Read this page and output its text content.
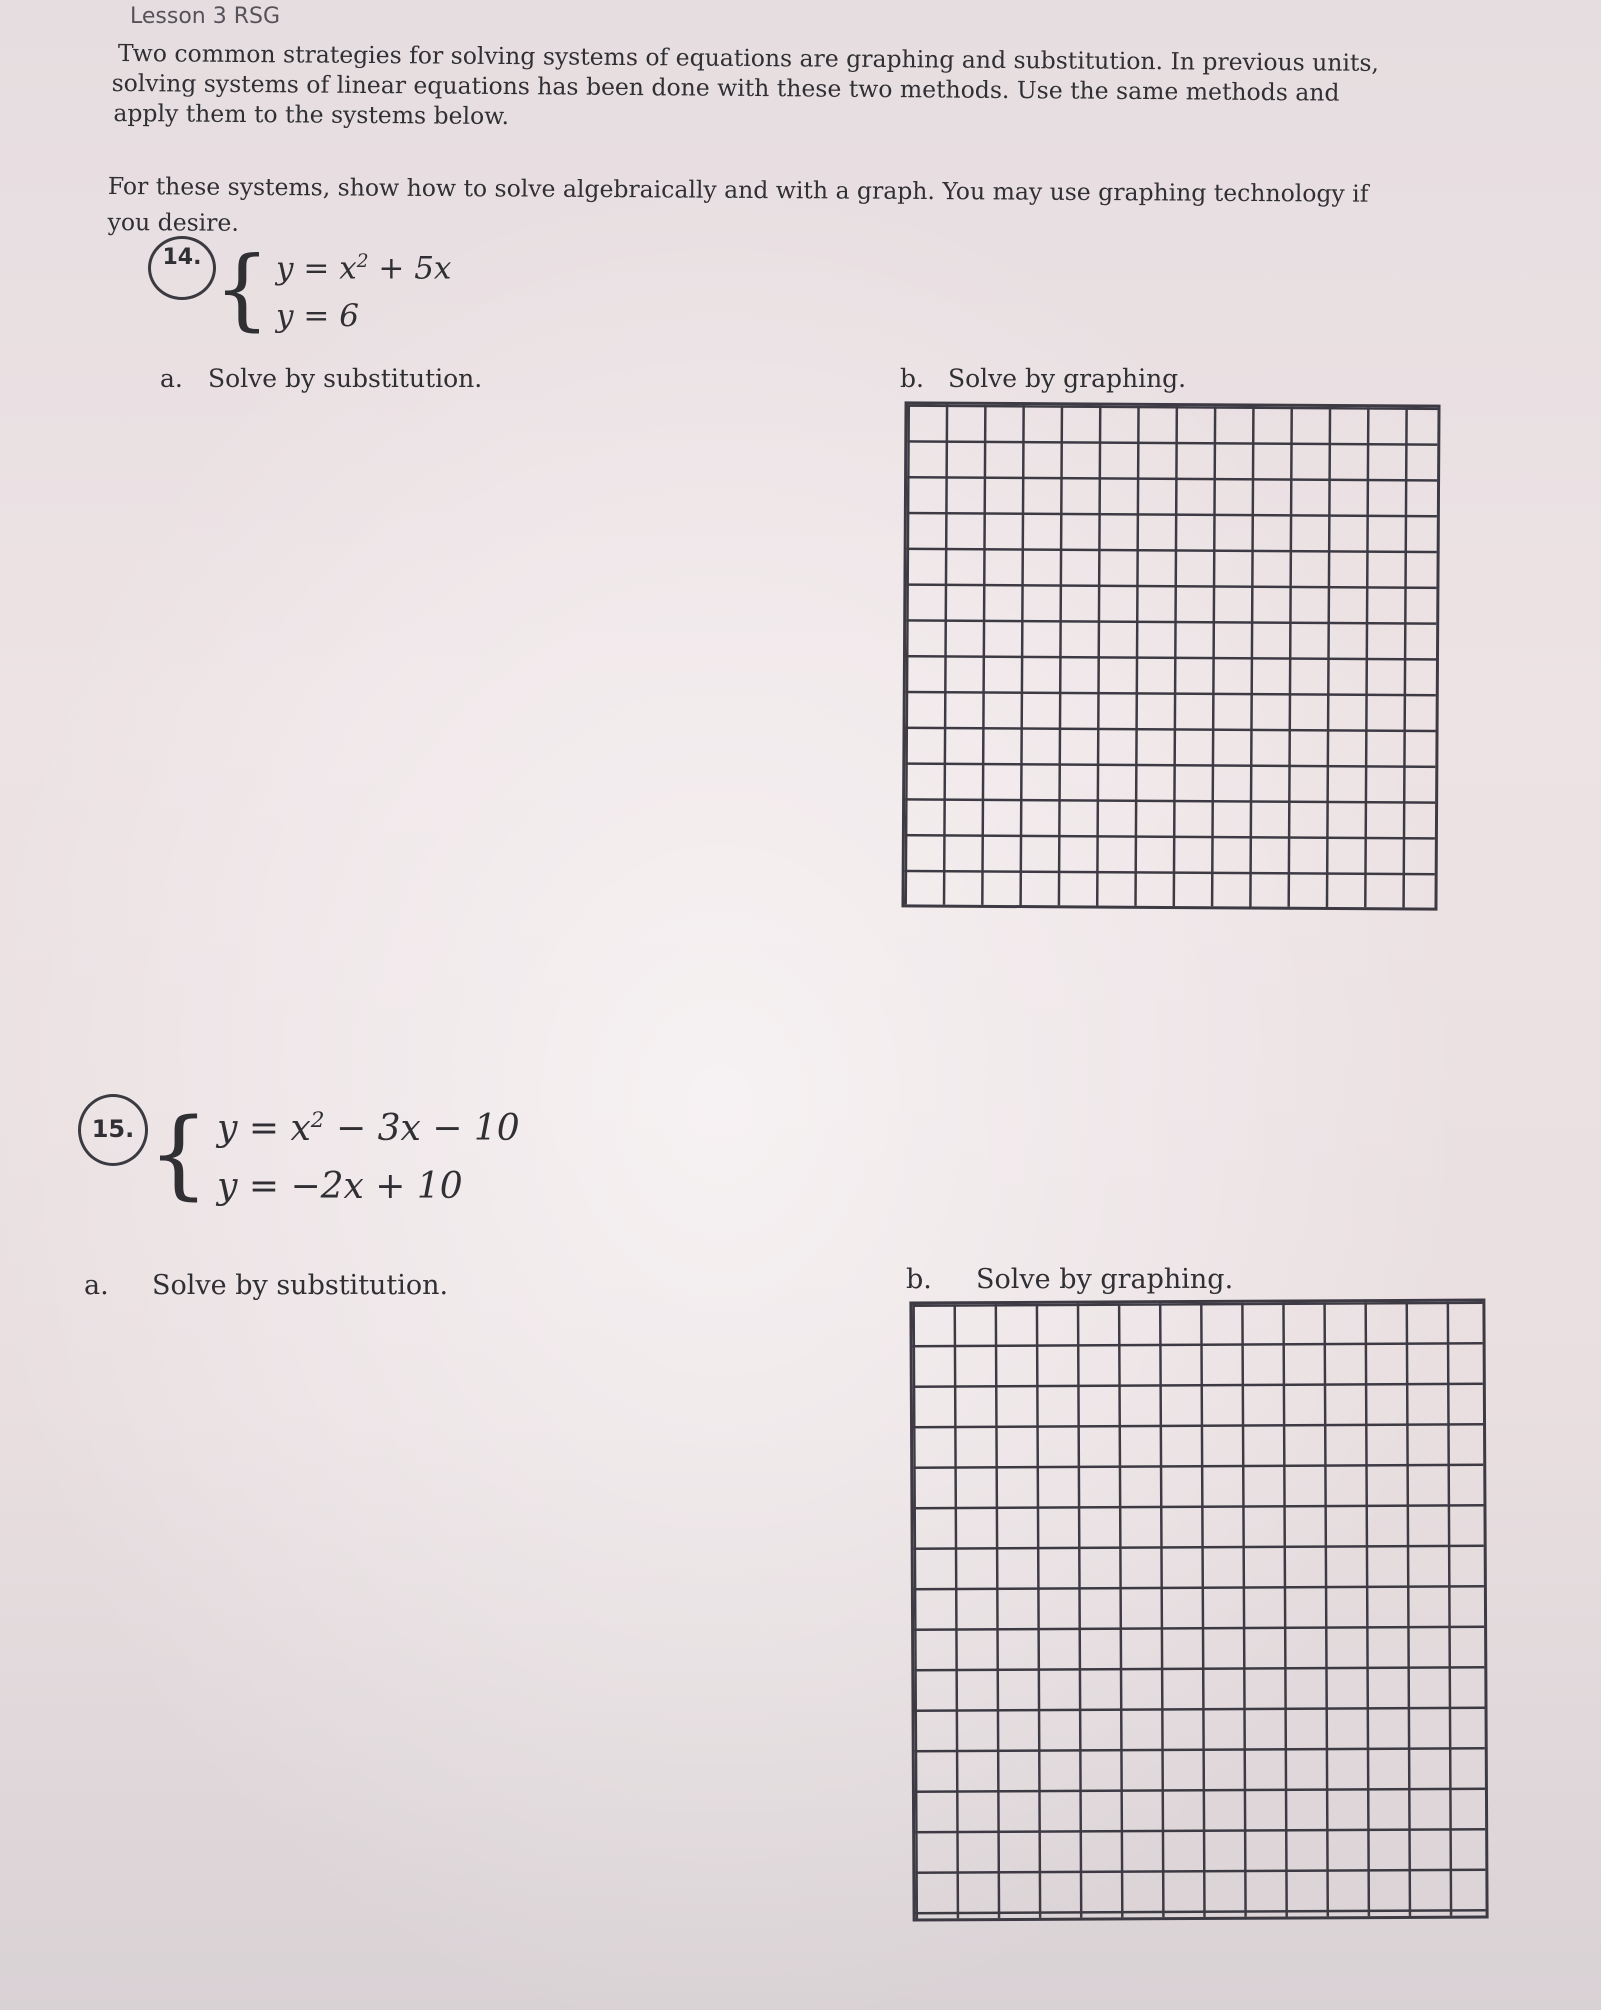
Lesson 3 RSG

Two common strategies for solving systems of equations are graphing and substitution. In previous units,

solving systems of linear equations has been done with these two methods. Use the same methods and

apply them to the systems below.

For these systems, show how to solve algebraically and with a graph. You may use graphing technology if

you desire.

14. { $y = x^2 + 5x$
y = 6
a. Solve by substitution.	b. Solve by graphing.
15. { $y = x^2 - 3x - 10$
y = −2x + 10
a. Solve by substitution.	b. Solve by graphing.
